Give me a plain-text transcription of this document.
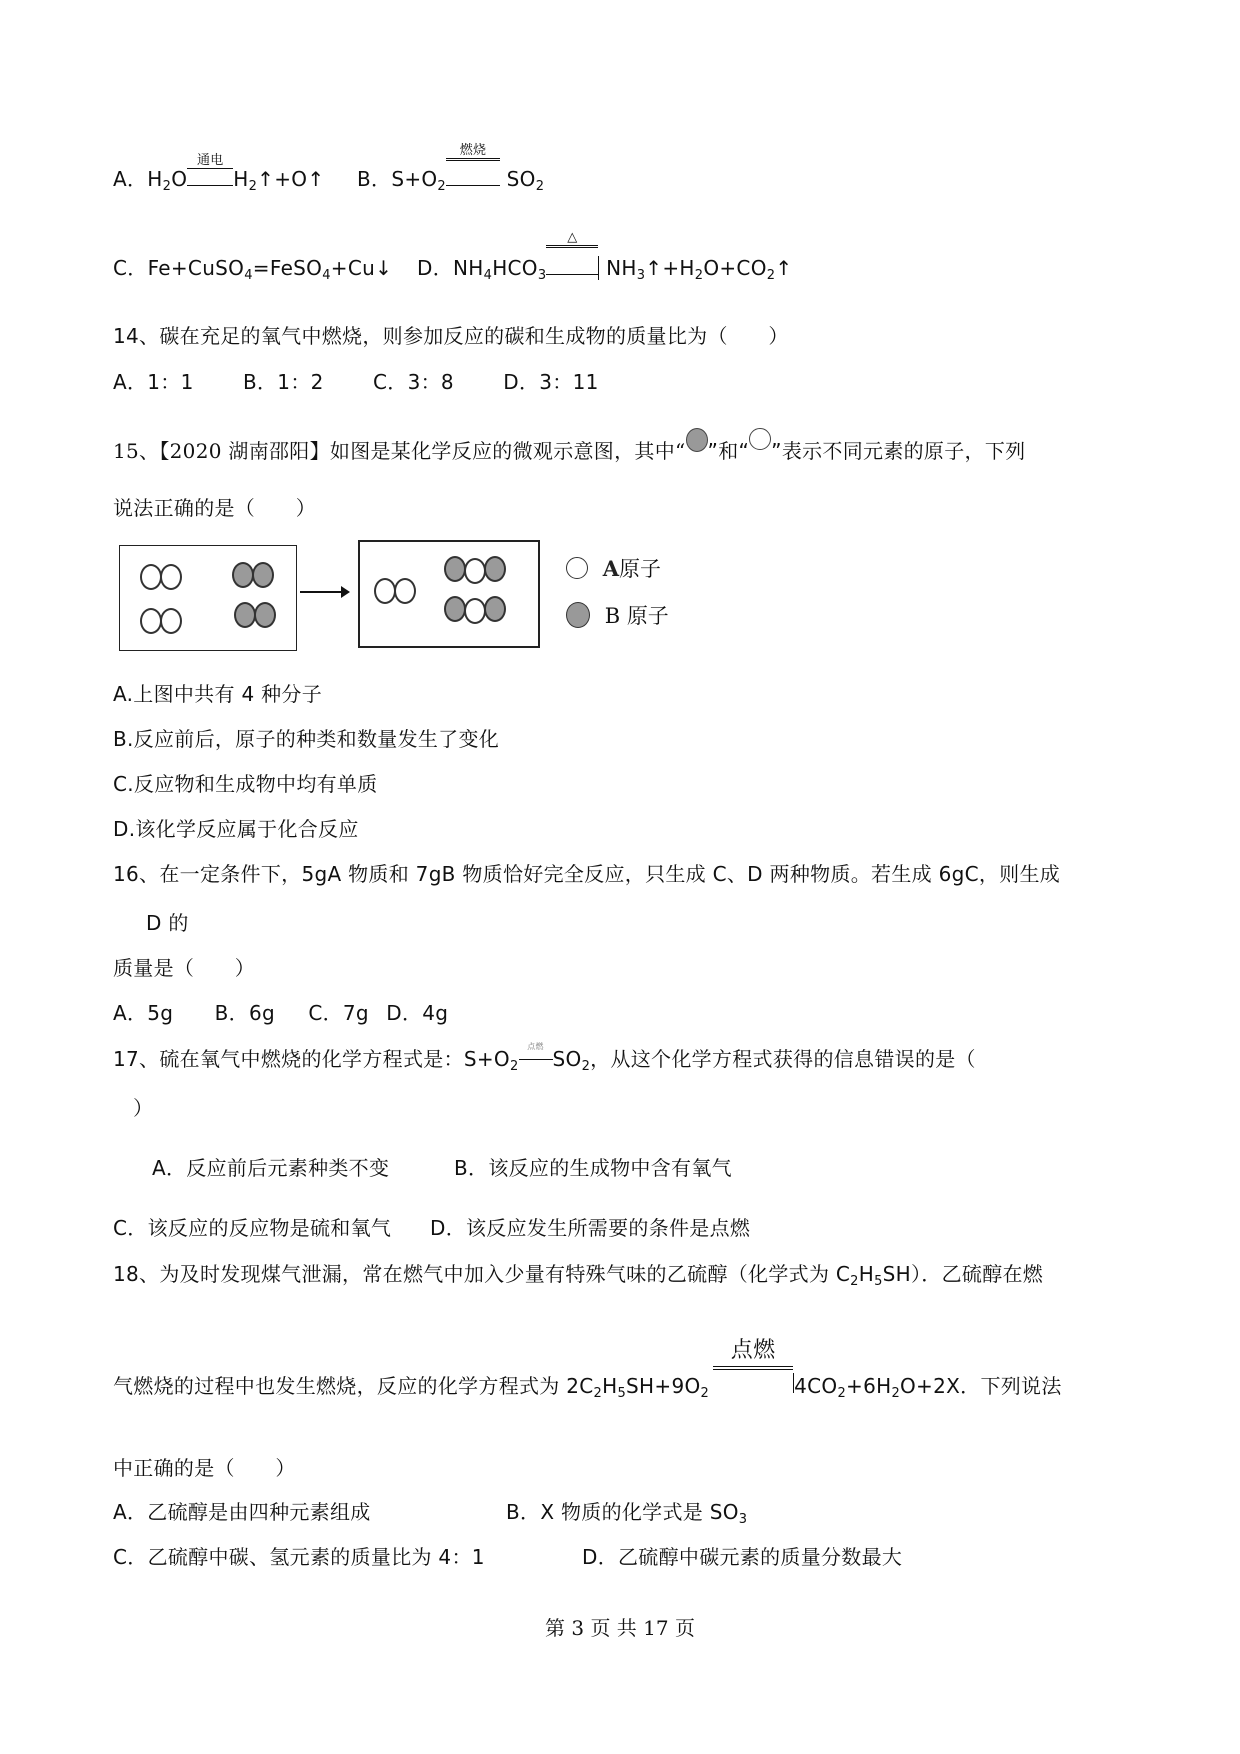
A．$H_2O$
通电
$H_2↑+O↑$ B．$S+O_2$
燃烧
$SO_2$
C．Fe+CuSO$_4$=FeSO$_4$+Cu↓ D．$NH_4HCO_3$
△
$NH_3↑+H_2O+CO_2↑$
14、碳在充足的氧气中燃烧，则参加反应的碳和生成物的质量比为（　　）
A．1：1 B．1：2 C．3：8 D．3：11
15、【2020 湖南邵阳】如图是某化学反应的微观示意图，其中“ ”和“ ”表示不同元素的原子，下列
说法正确的是（　　）
A原子
B 原子
A.上图中共有 4 种分子
B.反应前后，原子的种类和数量发生了变化
C.反应物和生成物中均有单质
D.该化学反应属于化合反应
16、在一定条件下，5gA 物质和 7gB 物质恰好完全反应，只生成 C、D 两种物质。若生成 6gC，则生成
D 的
质量是（　　）
A．5g B．6g C．7g D．4g
17、硫在氧气中燃烧的化学方程式是：$S+O_2$
点燃
$SO_2$，从这个化学方程式获得的信息错误的是（
）
A．反应前后元素种类不变	B．该反应的生成物中含有氧气
C．该反应的反应物是硫和氧气 D．该反应发生所需要的条件是点燃
18、为及时发现煤气泄漏，常在燃气中加入少量有特殊气味的乙硫醇（化学式为 $C_2H_5SH$）．乙硫醇在燃
气燃烧的过程中也发生燃烧，反应的化学方程式为 $2C_2H_5SH+9O_2$
点燃
$4CO_2+6H_2O+2X$．下列说法
中正确的是（　　）
A．乙硫醇是由四种元素组成	B．X 物质的化学式是 $SO_3$
C．乙硫醇中碳、氢元素的质量比为 4：1	D．乙硫醇中碳元素的质量分数最大
第 3 页 共 17 页
